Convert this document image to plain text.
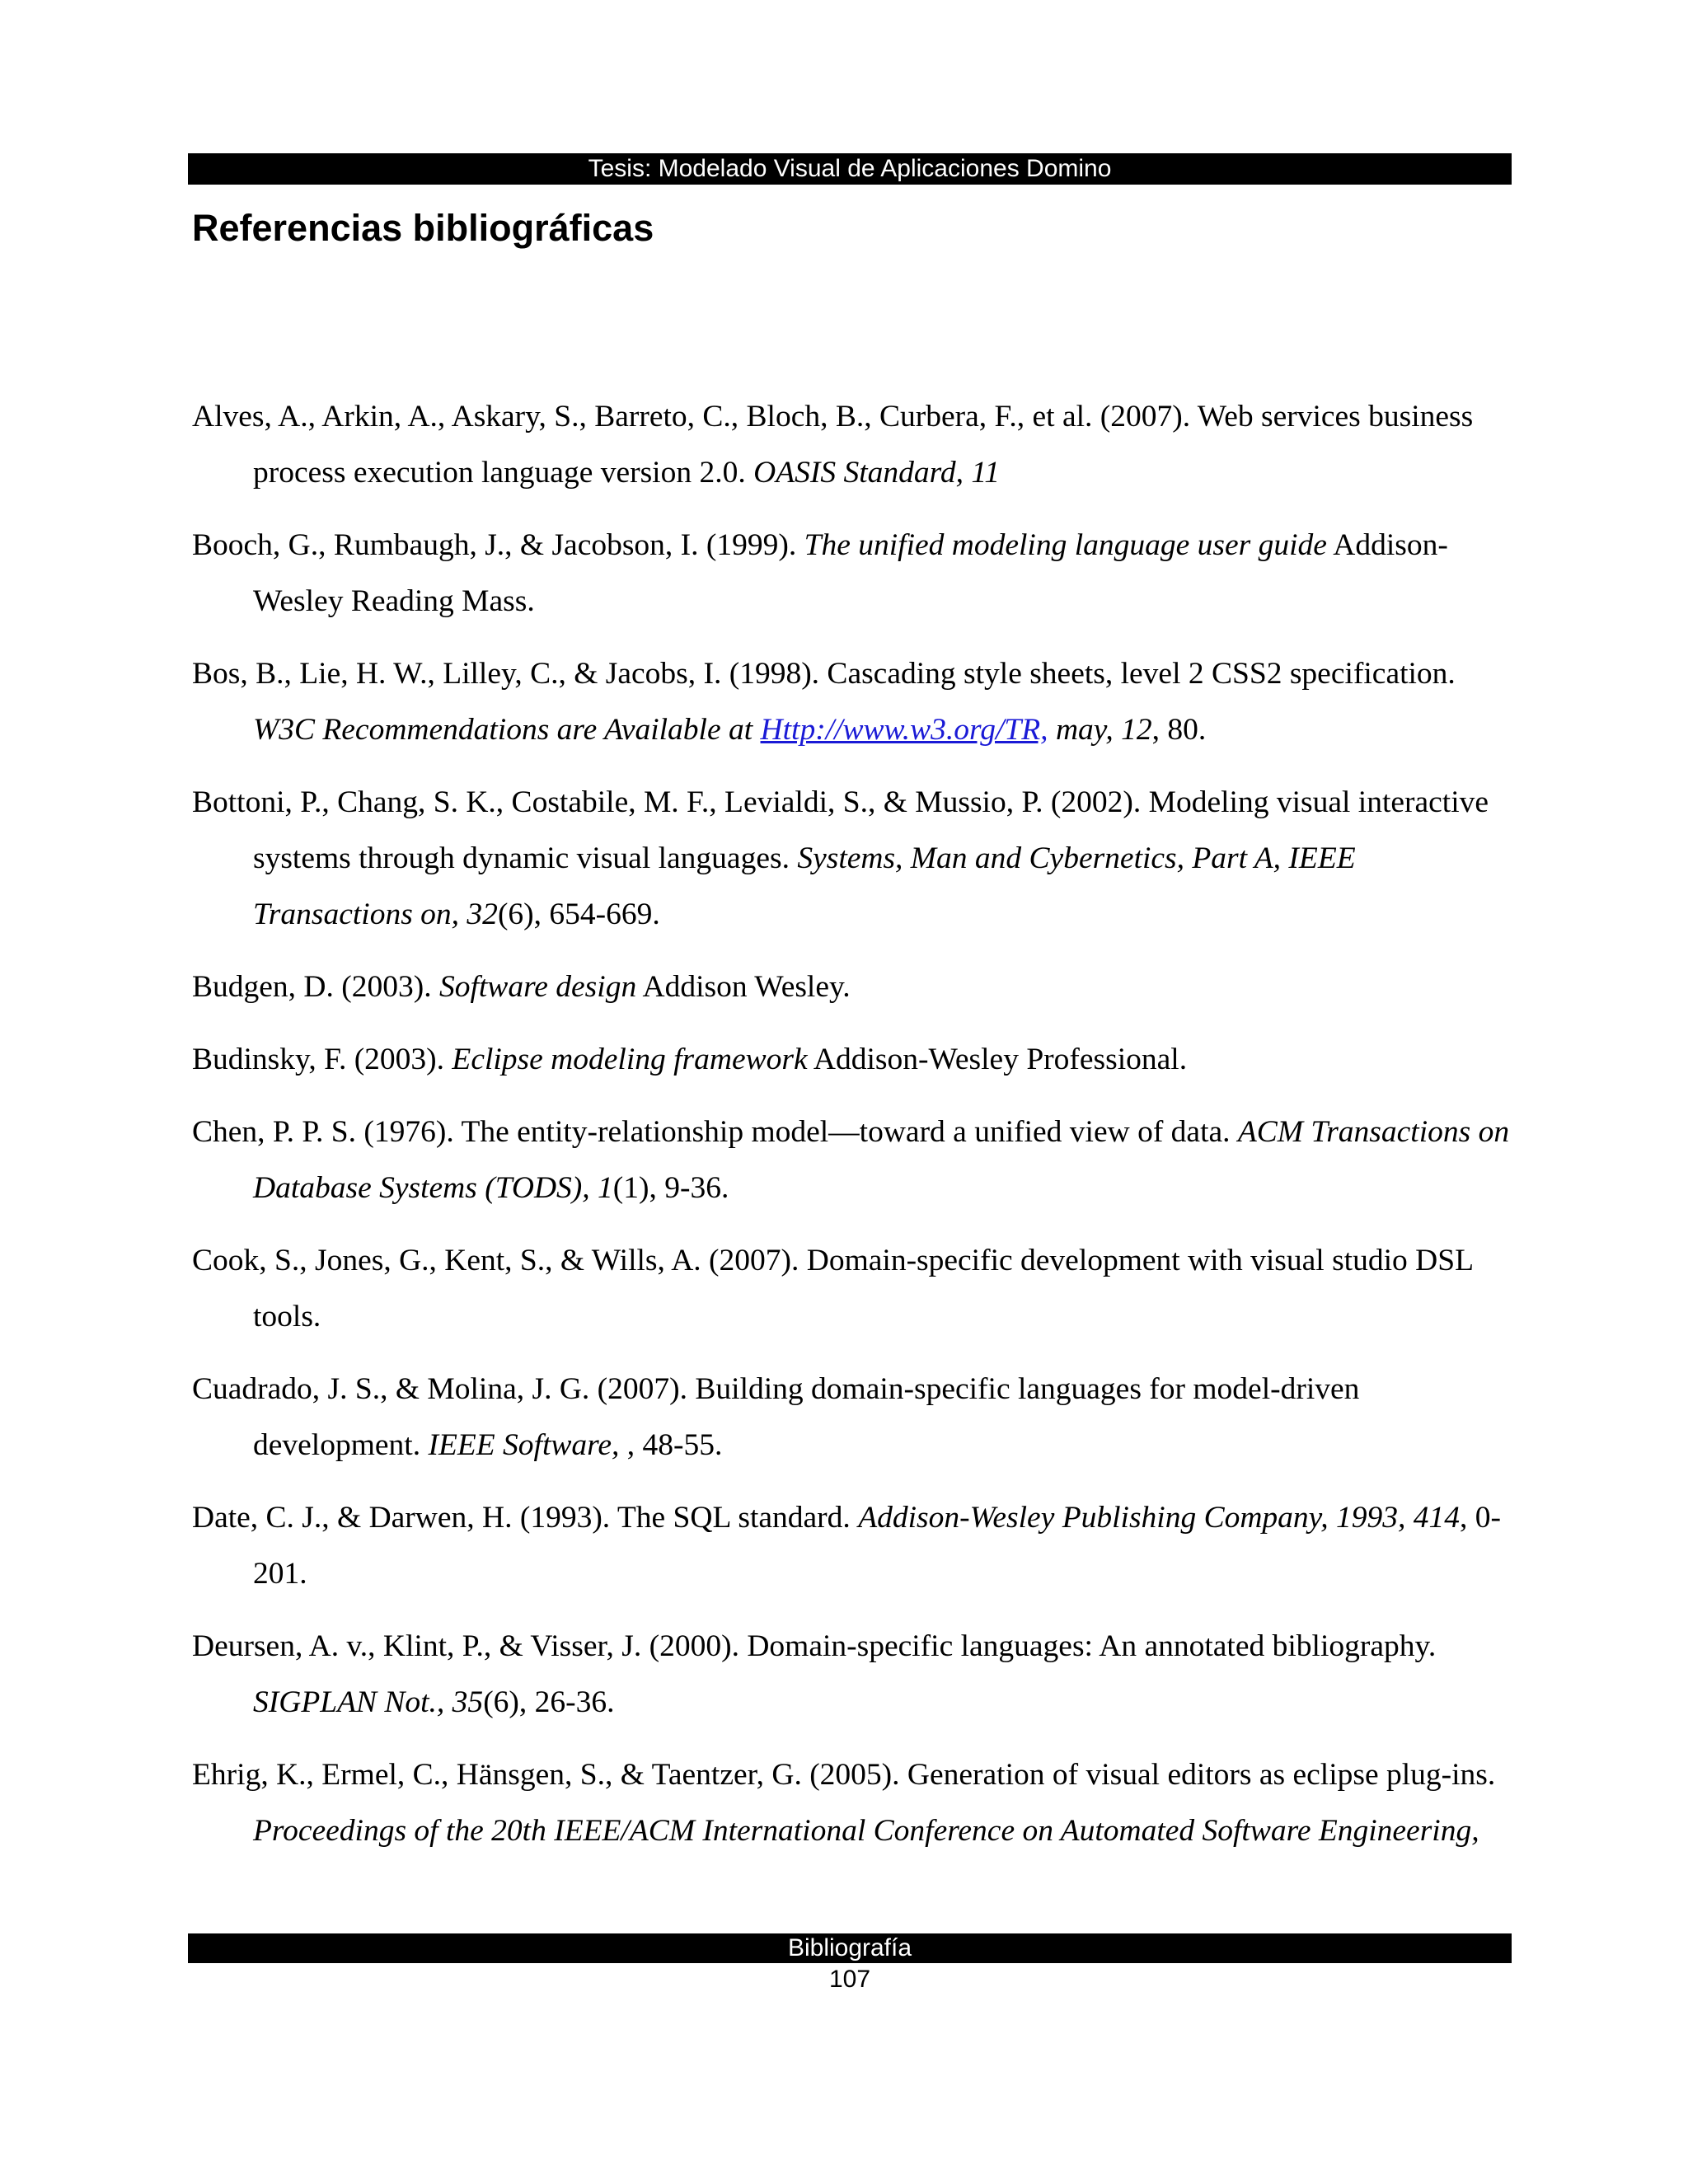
Tesis: Modelado Visual de Aplicaciones Domino
Referencias bibliográficas
Alves, A., Arkin, A., Askary, S., Barreto, C., Bloch, B., Curbera, F., et al. (2007). Web services business process execution language version 2.0. OASIS Standard, 11
Booch, G., Rumbaugh, J., & Jacobson, I. (1999). The unified modeling language user guide Addison-Wesley Reading Mass.
Bos, B., Lie, H. W., Lilley, C., & Jacobs, I. (1998). Cascading style sheets, level 2 CSS2 specification. W3C Recommendations are Available at Http://www.w3.org/TR, may, 12, 80.
Bottoni, P., Chang, S. K., Costabile, M. F., Levialdi, S., & Mussio, P. (2002). Modeling visual interactive systems through dynamic visual languages. Systems, Man and Cybernetics, Part A, IEEE Transactions on, 32(6), 654-669.
Budgen, D. (2003). Software design Addison Wesley.
Budinsky, F. (2003). Eclipse modeling framework Addison-Wesley Professional.
Chen, P. P. S. (1976). The entity-relationship model—toward a unified view of data. ACM Transactions on Database Systems (TODS), 1(1), 9-36.
Cook, S., Jones, G., Kent, S., & Wills, A. (2007). Domain-specific development with visual studio DSL tools.
Cuadrado, J. S., & Molina, J. G. (2007). Building domain-specific languages for model-driven development. IEEE Software, , 48-55.
Date, C. J., & Darwen, H. (1993). The SQL standard. Addison-Wesley Publishing Company, 1993, 414, 0-201.
Deursen, A. v., Klint, P., & Visser, J. (2000). Domain-specific languages: An annotated bibliography. SIGPLAN Not., 35(6), 26-36.
Ehrig, K., Ermel, C., Hänsgen, S., & Taentzer, G. (2005). Generation of visual editors as eclipse plug-ins. Proceedings of the 20th IEEE/ACM International Conference on Automated Software Engineering,
Bibliografía
107
